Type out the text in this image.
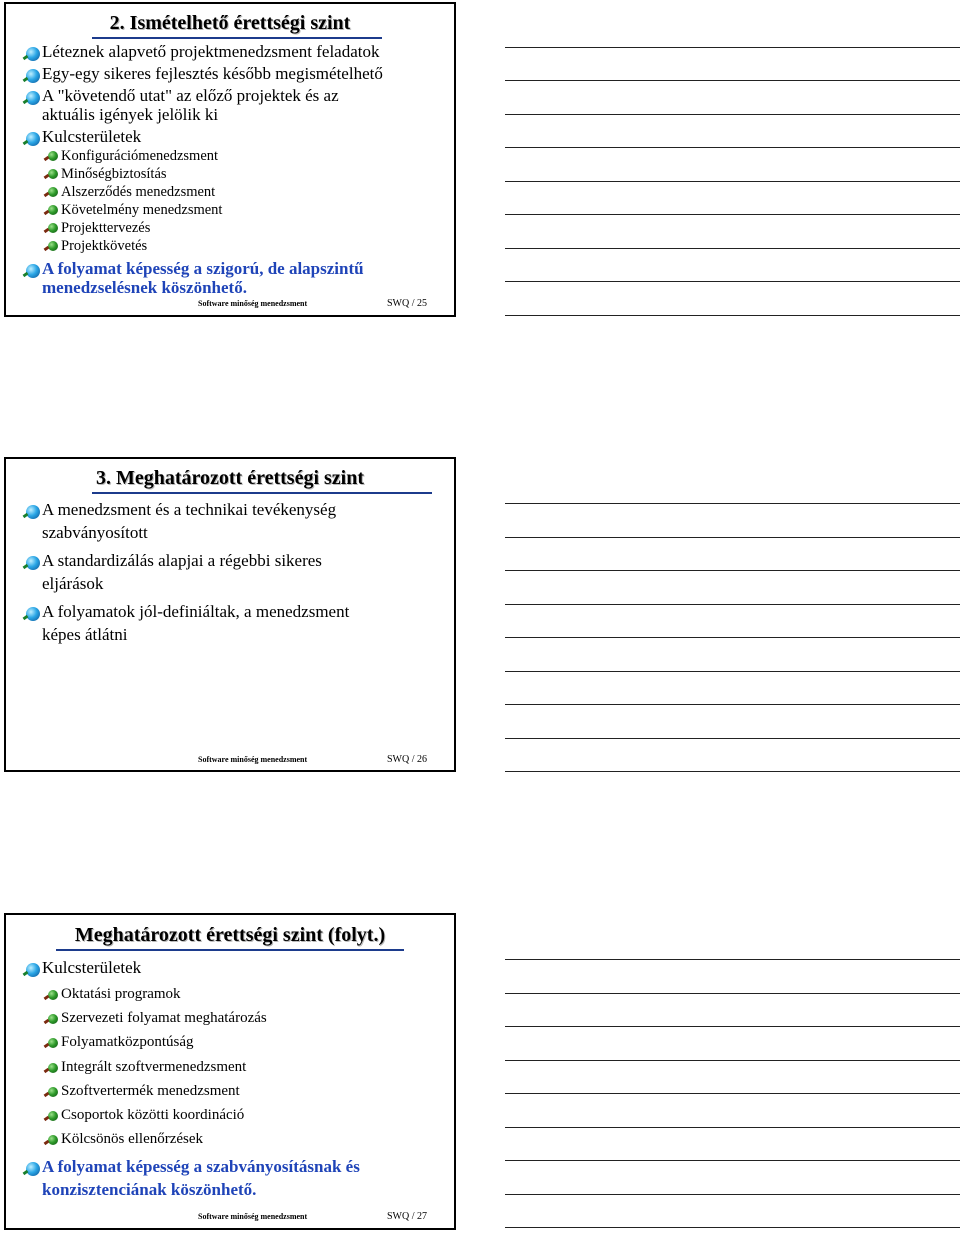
2. Ismételhető érettségi szint
Léteznek alapvető projektmenedzsment feladatok
Egy-egy sikeres fejlesztés később megismételhető
A "követendő utat" az előző projektek és az
aktuális igények jelölik ki
Kulcsterületek
Konfigurációmenedzsment
Minőségbiztosítás
Alszerződés menedzsment
Követelmény menedzsment
Projekttervezés
Projektkövetés
A folyamat képesség a szigorú, de alapszintű
menedzselésnek köszönhető.
Software minőség menedzsment	SWQ / 25
3. Meghatározott érettségi szint
A menedzsment és a technikai tevékenység
szabványosított
A standardizálás alapjai a régebbi sikeres
eljárások
A folyamatok jól-definiáltak, a menedzsment
képes átlátni
Software minőség menedzsment	SWQ / 26
Meghatározott érettségi szint (folyt.)
Kulcsterületek
Oktatási programok
Szervezeti folyamat meghatározás
Folyamatközpontúság
Integrált szoftvermenedzsment
Szoftvertermék menedzsment
Csoportok közötti koordináció
Kölcsönös ellenőrzések
A folyamat képesség a szabványosításnak és
konzisztenciának köszönhető.
Software minőség menedzsment	SWQ / 27
